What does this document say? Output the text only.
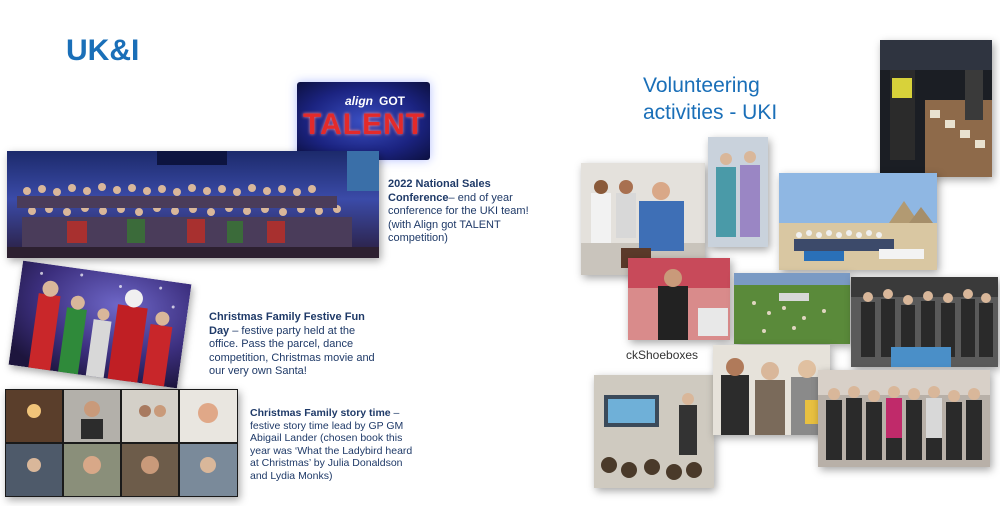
UK&I
Volunteering activities - UKI
align GOT
TALENT
2022 National Sales Conference– end of year conference for the UKI team! (with Align got TALENT competition)
Christmas Family Festive Fun Day – festive party held at the office. Pass the parcel, dance competition, Christmas movie and our very own Santa!
Christmas Family story time – festive story time lead by GP GM Abigail Lander (chosen book this year was ‘What the Ladybird heard at Christmas’ by Julia Donaldson and Lydia Monks)
ckShoeboxes
